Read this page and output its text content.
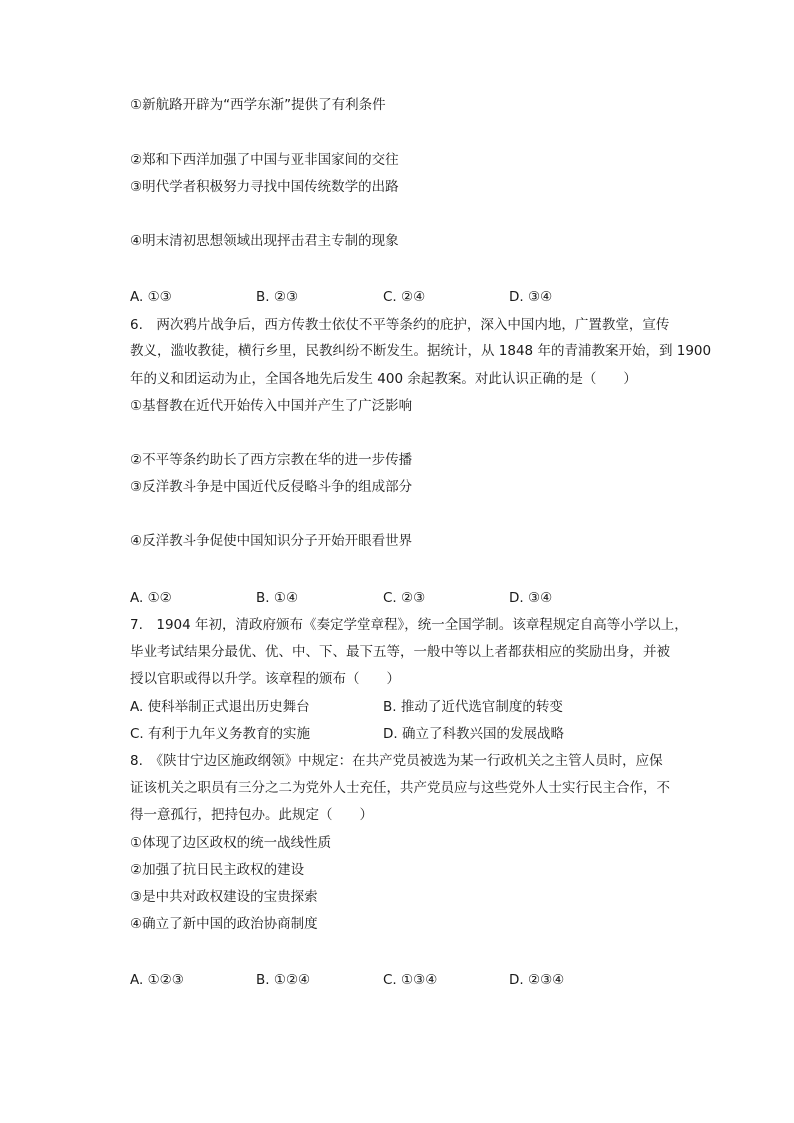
①新航路开辟为“西学东渐”提供了有利条件
②郑和下西洋加强了中国与亚非国家间的交往
③明代学者积极努力寻找中国传统数学的出路
④明末清初思想领域出现抨击君主专制的现象
A. ①③	B. ②③	C. ②④	D. ③④
6.　两次鸦片战争后，西方传教士依仗不平等条约的庇护，深入中国内地，广置教堂，宣传
教义，滥收教徒，横行乡里，民教纠纷不断发生。据统计，从 1848 年的青浦教案开始，到 1900
年的义和团运动为止，全国各地先后发生 400 余起教案。对此认识正确的是（　　）
①基督教在近代开始传入中国并产生了广泛影响
②不平等条约助长了西方宗教在华的进一步传播
③反洋教斗争是中国近代反侵略斗争的组成部分
④反洋教斗争促使中国知识分子开始开眼看世界
A. ①②	B. ①④	C. ②③	D. ③④
7.　1904 年初，清政府颁布《奏定学堂章程》，统一全国学制。该章程规定自高等小学以上，
毕业考试结果分最优、优、中、下、最下五等，一般中等以上者都获相应的奖励出身，并被
授以官职或得以升学。该章程的颁布（　　）
A. 使科举制正式退出历史舞台	B. 推动了近代选官制度的转变
C. 有利于九年义务教育的实施	D. 确立了科教兴国的发展战略
8.　《陕甘宁边区施政纲领》中规定：在共产党员被选为某一行政机关之主管人员时，应保
证该机关之职员有三分之二为党外人士充任，共产党员应与这些党外人士实行民主合作，不
得一意孤行，把持包办。此规定（　　）
①体现了边区政权的统一战线性质
②加强了抗日民主政权的建设
③是中共对政权建设的宝贵探索
④确立了新中国的政治协商制度
A. ①②③	B. ①②④	C. ①③④	D. ②③④
